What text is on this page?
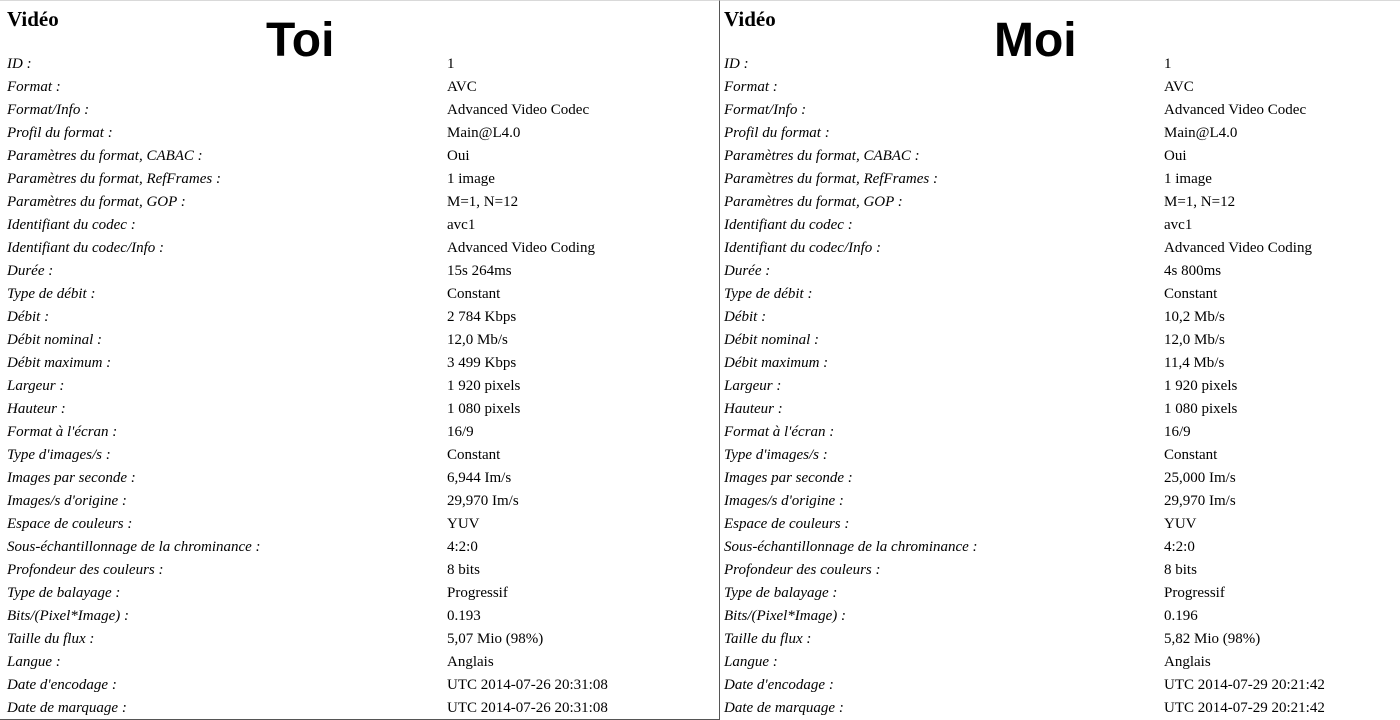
Vidéo	Toi
ID :	1
Format :	AVC
Format/Info :	Advanced Video Codec
Profil du format :	Main@L4.0
Paramètres du format, CABAC :	Oui
Paramètres du format, RefFrames :	1 image
Paramètres du format, GOP :	M=1, N=12
Identifiant du codec :	avc1
Identifiant du codec/Info :	Advanced Video Coding
Durée :	15s 264ms
Type de débit :	Constant
Débit :	2 784 Kbps
Débit nominal :	12,0 Mb/s
Débit maximum :	3 499 Kbps
Largeur :	1 920 pixels
Hauteur :	1 080 pixels
Format à l'écran :	16/9
Type d'images/s :	Constant
Images par seconde :	6,944 Im/s
Images/s d'origine :	29,970 Im/s
Espace de couleurs :	YUV
Sous-échantillonnage de la chrominance :	4:2:0
Profondeur des couleurs :	8 bits
Type de balayage :	Progressif
Bits/(Pixel*Image) :	0.193
Taille du flux :	5,07 Mio (98%)
Langue :	Anglais
Date d'encodage :	UTC 2014-07-26 20:31:08
Date de marquage :	UTC 2014-07-26 20:31:08
Vidéo	Moi
ID :	1
Format :	AVC
Format/Info :	Advanced Video Codec
Profil du format :	Main@L4.0
Paramètres du format, CABAC :	Oui
Paramètres du format, RefFrames :	1 image
Paramètres du format, GOP :	M=1, N=12
Identifiant du codec :	avc1
Identifiant du codec/Info :	Advanced Video Coding
Durée :	4s 800ms
Type de débit :	Constant
Débit :	10,2 Mb/s
Débit nominal :	12,0 Mb/s
Débit maximum :	11,4 Mb/s
Largeur :	1 920 pixels
Hauteur :	1 080 pixels
Format à l'écran :	16/9
Type d'images/s :	Constant
Images par seconde :	25,000 Im/s
Images/s d'origine :	29,970 Im/s
Espace de couleurs :	YUV
Sous-échantillonnage de la chrominance :	4:2:0
Profondeur des couleurs :	8 bits
Type de balayage :	Progressif
Bits/(Pixel*Image) :	0.196
Taille du flux :	5,82 Mio (98%)
Langue :	Anglais
Date d'encodage :	UTC 2014-07-29 20:21:42
Date de marquage :	UTC 2014-07-29 20:21:42
